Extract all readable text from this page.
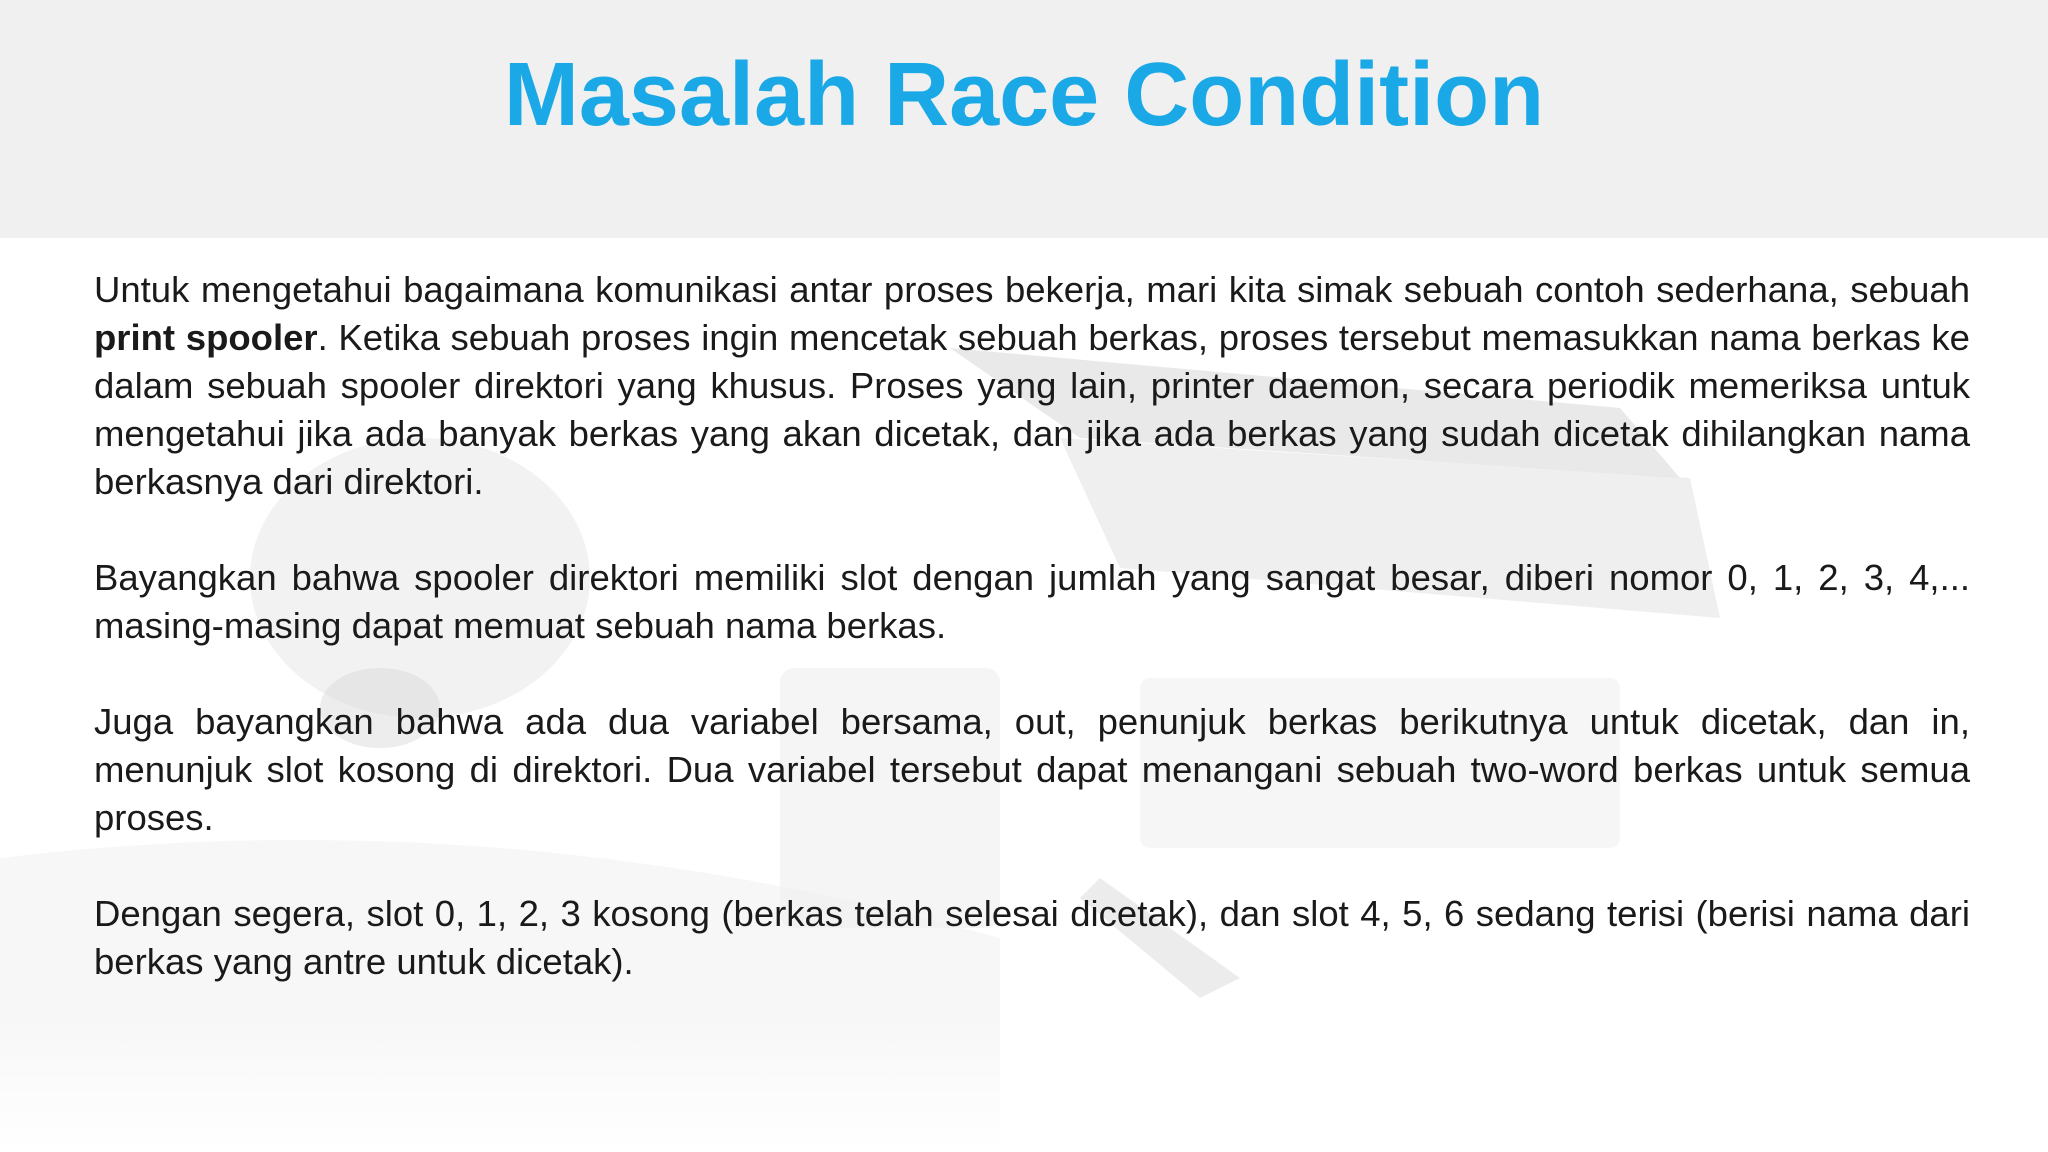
Masalah Race Condition

Untuk mengetahui bagaimana komunikasi antar proses bekerja, mari kita simak sebuah contoh sederhana, sebuah print spooler. Ketika sebuah proses ingin mencetak sebuah berkas, proses tersebut memasukkan nama berkas ke dalam sebuah spooler direktori yang khusus. Proses yang lain, printer daemon, secara periodik memeriksa untuk mengetahui jika ada banyak berkas yang akan dicetak, dan jika ada berkas yang sudah dicetak dihilangkan nama berkasnya dari direktori.

Bayangkan bahwa spooler direktori memiliki slot dengan jumlah yang sangat besar, diberi nomor 0, 1, 2, 3, 4,... masing-masing dapat memuat sebuah nama berkas.

Juga bayangkan bahwa ada dua variabel bersama, out, penunjuk berkas berikutnya untuk dicetak, dan in, menunjuk slot kosong di direktori. Dua variabel tersebut dapat menangani sebuah two-word berkas untuk semua proses.

Dengan segera, slot 0, 1, 2, 3 kosong (berkas telah selesai dicetak), dan slot 4, 5, 6 sedang terisi (berisi nama dari berkas yang antre untuk dicetak).
